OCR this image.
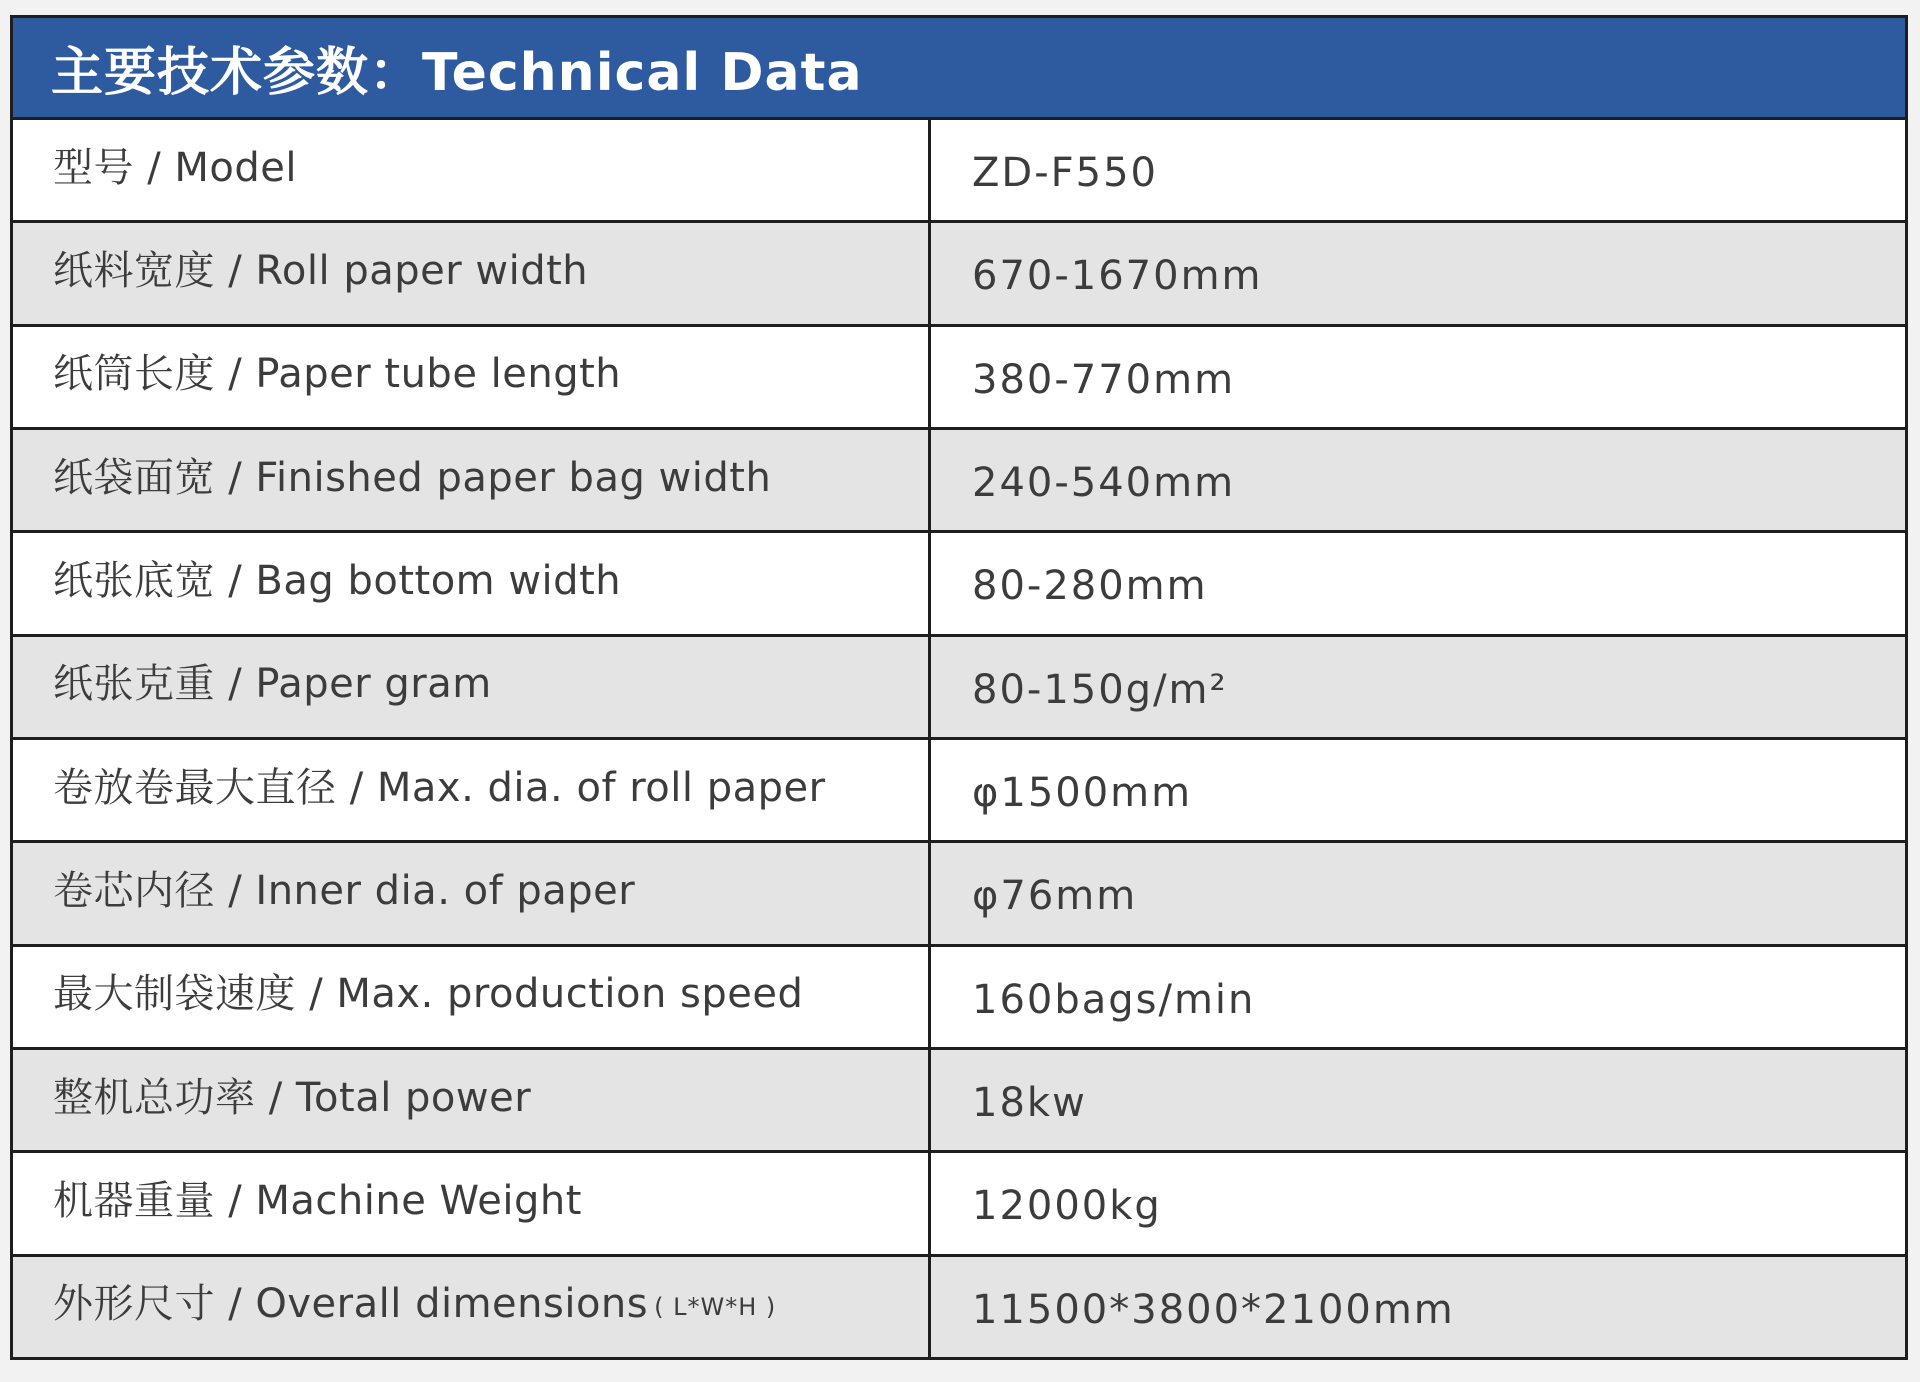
主要技术参数：Technical Data
型号 / Model	ZD-F550
纸料宽度 / Roll paper width	670-1670mm
纸筒长度 / Paper tube length	380-770mm
纸袋面宽 / Finished paper bag width	240-540mm
纸张底宽 / Bag bottom width	80-280mm
纸张克重 / Paper gram	80-150g/m²
卷放卷最大直径 / Max. dia. of roll paper	φ1500mm
卷芯内径 / Inner dia. of paper	φ76mm
最大制袋速度 / Max. production speed	160bags/min
整机总功率 / Total power	18kw
机器重量 / Machine Weight	12000kg
外形尺寸 / Overall dimensions ( L*W*H )	11500*3800*2100mm
